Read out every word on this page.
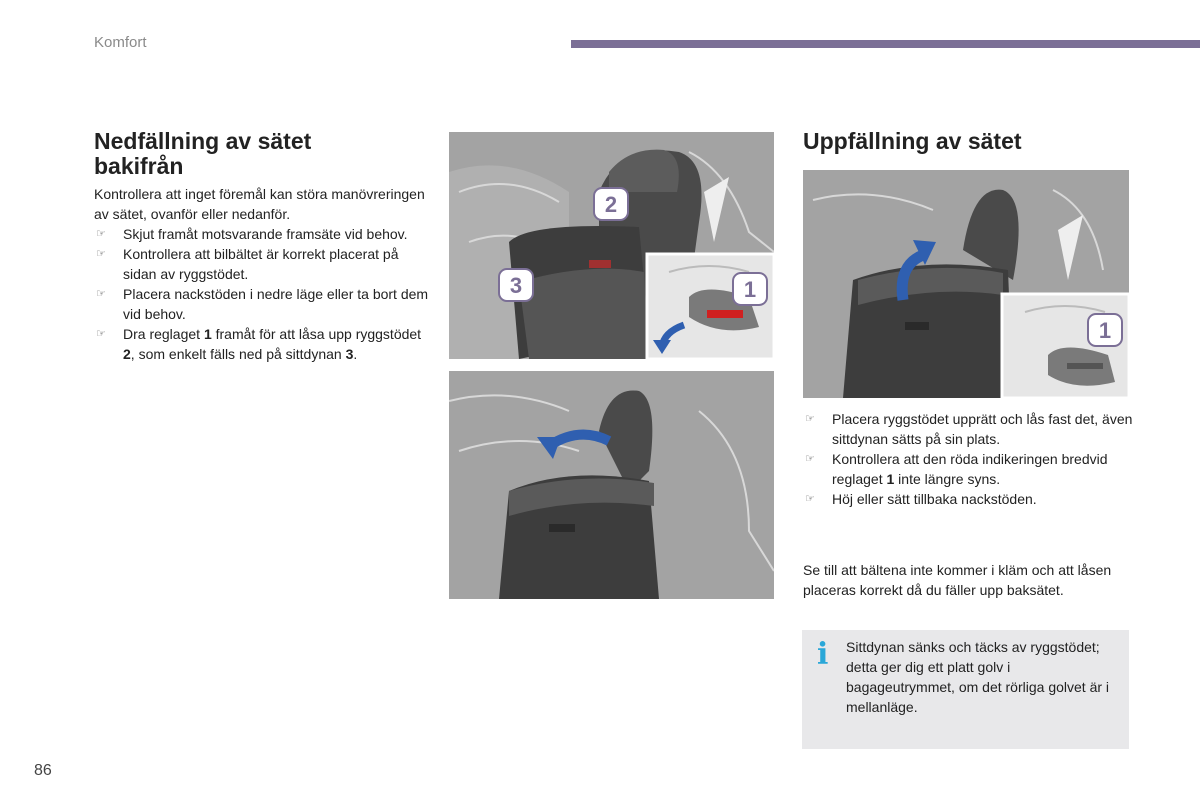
Komfort
Nedfällning av sätet bakifrån

Kontrollera att inget föremål kan störa manövreringen av sätet, ovanför eller nedanför.

☞ Skjut framåt motsvarande framsäte vid behov.
☞ Kontrollera att bilbältet är korrekt placerat på sidan av ryggstödet.
☞ Placera nackstöden i nedre läge eller ta bort dem vid behov.
☞ Dra reglaget 1 framåt för att låsa upp ryggstödet 2, som enkelt fälls ned på sittdynan 3.
2
3	1
Uppfällning av sätet
1
☞ Placera ryggstödet upprätt och lås fast det, även sittdynan sätts på sin plats.
☞ Kontrollera att den röda indikeringen bredvid reglaget 1 inte längre syns.
☞ Höj eller sätt tillbaka nackstöden.

Se till att bältena inte kommer i kläm och att låsen placeras korrekt då du fäller upp baksätet.

i Sittdynan sänks och täcks av ryggstödet; detta ger dig ett platt golv i bagageutrymmet, om det rörliga golvet är i mellanläge.

86
